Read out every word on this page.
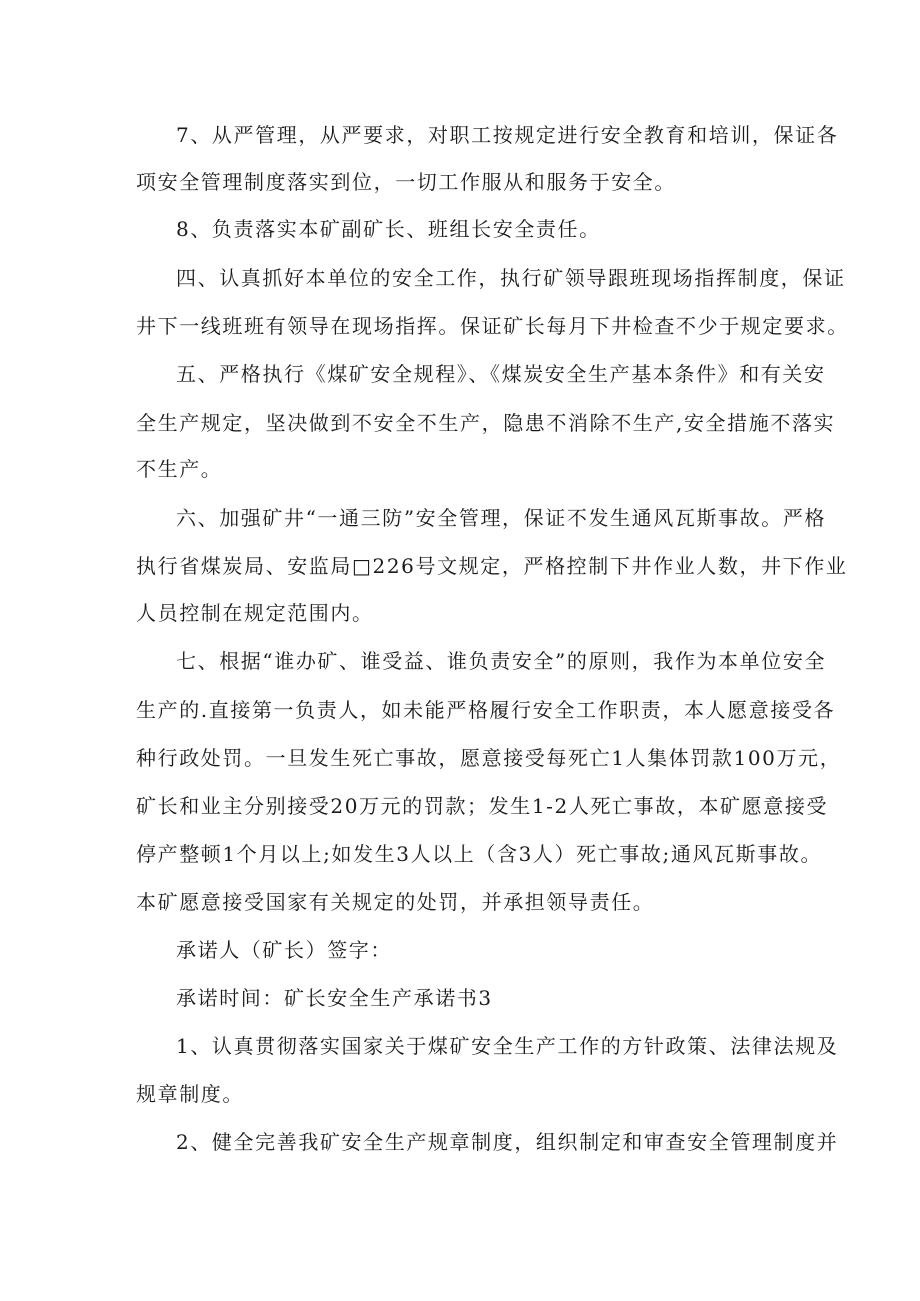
7、从严管理，从严要求，对职工按规定进行安全教育和培训，保证各
项安全管理制度落实到位，一切工作服从和服务于安全。
8、负责落实本矿副矿长、班组长安全责任。
四、认真抓好本单位的安全工作，执行矿领导跟班现场指挥制度，保证
井下一线班班有领导在现场指挥。保证矿长每月下井检查不少于规定要求。
五、严格执行《煤矿安全规程》、《煤炭安全生产基本条件》和有关安
全生产规定，坚决做到不安全不生产，隐患不消除不生产,安全措施不落实
不生产。
六、加强矿井“一通三防”安全管理，保证不发生通风瓦斯事故。严格
执行省煤炭局、安监局□226号文规定，严格控制下井作业人数，井下作业
人员控制在规定范围内。
七、根据“谁办矿、谁受益、谁负责安全”的原则，我作为本单位安全
生产的.直接第一负责人，如未能严格履行安全工作职责，本人愿意接受各
种行政处罚。一旦发生死亡事故，愿意接受每死亡1人集体罚款100万元，
矿长和业主分别接受20万元的罚款；发生1-2人死亡事故，本矿愿意接受
停产整顿1个月以上;如发生3人以上（含3人）死亡事故;通风瓦斯事故。
本矿愿意接受国家有关规定的处罚，并承担领导责任。
承诺人（矿长）签字：
承诺时间：矿长安全生产承诺书3
1、认真贯彻落实国家关于煤矿安全生产工作的方针政策、法律法规及
规章制度。
2、健全完善我矿安全生产规章制度，组织制定和审查安全管理制度并
